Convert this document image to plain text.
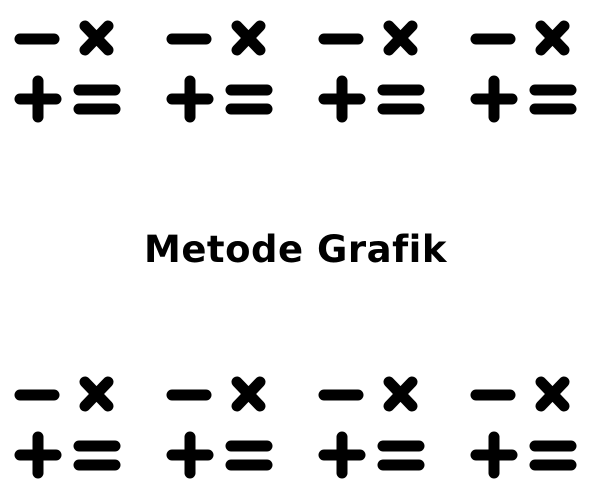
Metode Grafik
